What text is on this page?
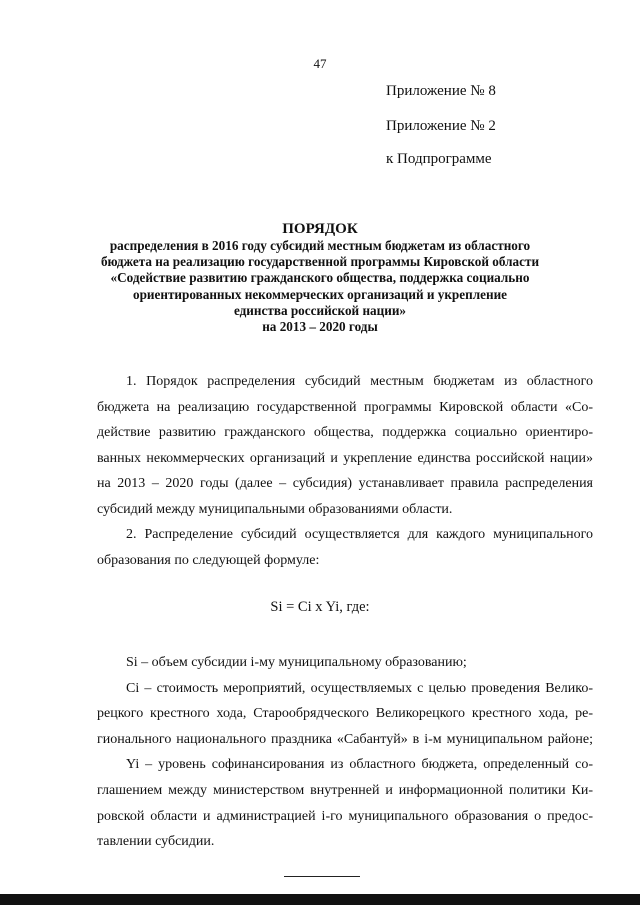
47
Приложение № 8
Приложение № 2
к Подпрограмме
ПОРЯДОК
распределения в 2016 году субсидий местным бюджетам из областного
бюджета на реализацию государственной программы Кировской области
«Содействие развитию гражданского общества, поддержка социально
ориентированных некоммерческих организаций и укрепление
единства российской нации»
на 2013 – 2020 годы
1. Порядок распределения субсидий местным бюджетам из областного
бюджета на реализацию государственной программы Кировской области «Со-
действие развитию гражданского общества, поддержка социально ориентиро-
ванных некоммерческих организаций и укрепление единства российской нации»
на 2013 – 2020 годы (далее – субсидия) устанавливает правила распределения
субсидий между муниципальными образованиями области.
2. Распределение субсидий осуществляется для каждого муниципального
образования по следующей формуле:
Si = Ci x Yi, где:
Si – объем субсидии i-му муниципальному образованию;
Ci – стоимость мероприятий, осуществляемых с целью проведения Велико-
рецкого крестного хода, Старообрядческого Великорецкого крестного хода, ре-
гионального национального праздника «Сабантуй» в i-м муниципальном районе;
Yi – уровень софинансирования из областного бюджета, определенный со-
глашением между министерством внутренней и информационной политики Ки-
ровской области и администрацией i-го муниципального образования о предос-
тавлении субсидии.
